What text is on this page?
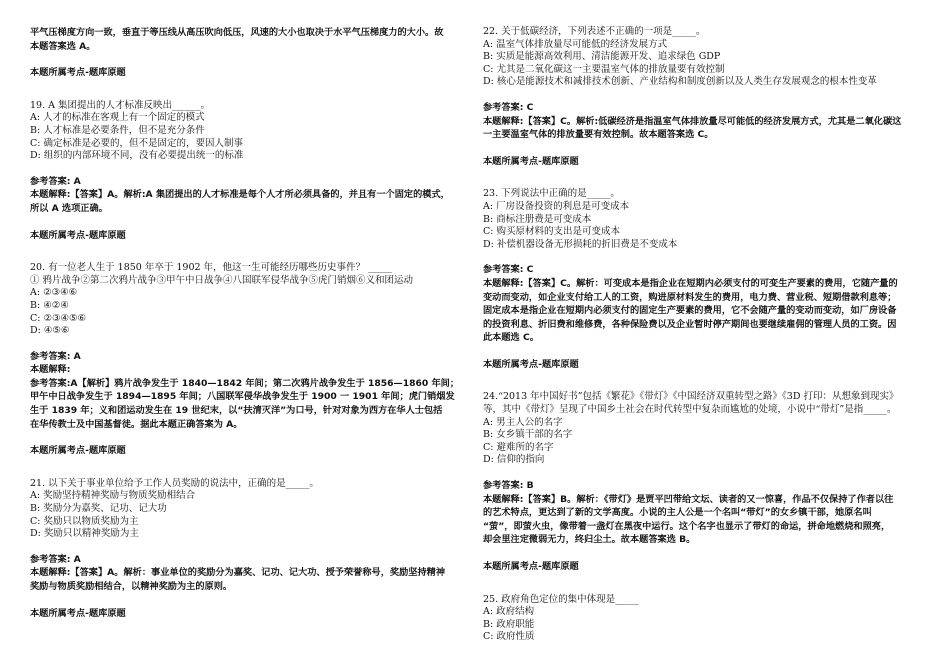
平气压梯度方向一致，垂直于等压线从高压吹向低压，风速的大小也取决于水平气压梯度力的大小。故
本题答案选 A。
本题所属考点-题库原题
19. A 集团提出的人才标准反映出______。
A: 人才的标准在客观上有一个固定的模式
B: 人才标准是必要条件，但不是充分条件
C: 确定标准是必要的，但不是固定的，要因人制事
D: 组织的内部环境不同，没有必要提出统一的标准
参考答案: A
本题解释:【答案】A。解析:A 集团提出的人才标准是每个人才所必须具备的，并且有一个固定的模式，
所以 A 选项正确。
本题所属考点-题库原题
20. 有一位老人生于 1850 年卒于 1902 年，他这一生可能经历哪些历史事件？ _____
① 鸦片战争②第二次鸦片战争③甲午中日战争④八国联军侵华战争⑤虎门销烟⑥义和团运动
A: ②③④⑥
B: ④②④
C: ②③④⑤⑥
D: ④⑤⑥
参考答案: A
本题解释:
参考答案:A【解析】鸦片战争发生于 1840—1842 年间；第二次鸦片战争发生于 1856—1860 年间；
甲午中日战争发生于 1894—1895 年间；八国联军侵华战争发生于 1900 一 1901 年间；虎门销烟发
生于 1839 年；义和团运动发生在 19 世纪末，以“扶清灭洋”为口号，针对对象为西方在华人士包括
在华传教士及中国基督徒。据此本题正确答案为 A。
本题所属考点-题库原题
21. 以下关于事业单位给予工作人员奖励的说法中，正确的是_____。
A: 奖励坚持精神奖励与物质奖励相结合
B: 奖励分为嘉奖、记功、记大功
C: 奖励只以物质奖励为主
D: 奖励只以精神奖励为主
参考答案: A
本题解释:【答案】A。解析：事业单位的奖励分为嘉奖、记功、记大功、授予荣誉称号，奖励坚持精神
奖励与物质奖励相结合，以精神奖励为主的原则。
本题所属考点-题库原题
22. 关于低碳经济，下列表述不正确的一项是_____。
A: 温室气体排放量尽可能低的经济发展方式
B: 实质是能源高效利用、清洁能源开发、追求绿色 GDP
C: 尤其是二氧化碳这一主要温室气体的排放量要有效控制
D: 核心是能源技术和减排技术创新、产业结构和制度创新以及人类生存发展观念的根本性变革
参考答案: C
本题解释:【答案】C。解析:低碳经济是指温室气体排放量尽可能低的经济发展方式，尤其是二氧化碳这
一主要温室气体的排放量要有效控制。故本题答案选 C。
本题所属考点-题库原题
23. 下列说法中正确的是_____。
A: 厂房设备投资的利息是可变成本
B: 商标注册费是可变成本
C: 购买原材料的支出是可变成本
D: 补偿机器设备无形损耗的折旧费是不变成本
参考答案: C
本题解释:【答案】C。解析：可变成本是指企业在短期内必须支付的可变生产要素的费用，它随产量的
变动而变动，如企业支付给工人的工资，购进原材料发生的费用，电力费、营业税、短期借款利息等；
固定成本是指企业在短期内必须支付的固定生产要素的费用，它不会随产量的变动而变动，如厂房设备
的投资利息、折旧费和维修费，各种保险费以及企业暂时停产期间也要继续雇佣的管理人员的工资。因
此本题选 C。
本题所属考点-题库原题
24.“2013 年中国好书”包括《繁花》《带灯》《中国经济双重转型之路》《3D 打印：从想象到现实》
等，其中《带灯》呈现了中国乡土社会在时代转型中复杂而尴尬的处境，小说中“带灯”是指_____。
A: 男主人公的名字
B: 女乡镇干部的名字
C: 避难所的名字
D: 信仰的指向
参考答案: B
本题解释:【答案】B。解析：《带灯》是贾平凹带给文坛、读者的又一惊喜，作品不仅保持了作者以往
的艺术特点，更达到了新的文学高度。小说的主人公是一个名叫“带灯”的女乡镇干部，她原名叫
“萤”，即萤火虫，像带着一盏灯在黑夜中运行。这个名字也显示了带灯的命运，拼命地燃烧和照亮，
却会里注定微弱无力，终归尘土。故本题答案选 B。
本题所属考点-题库原题
25. 政府角色定位的集中体现是_____
A: 政府结构
B: 政府职能
C: 政府性质
